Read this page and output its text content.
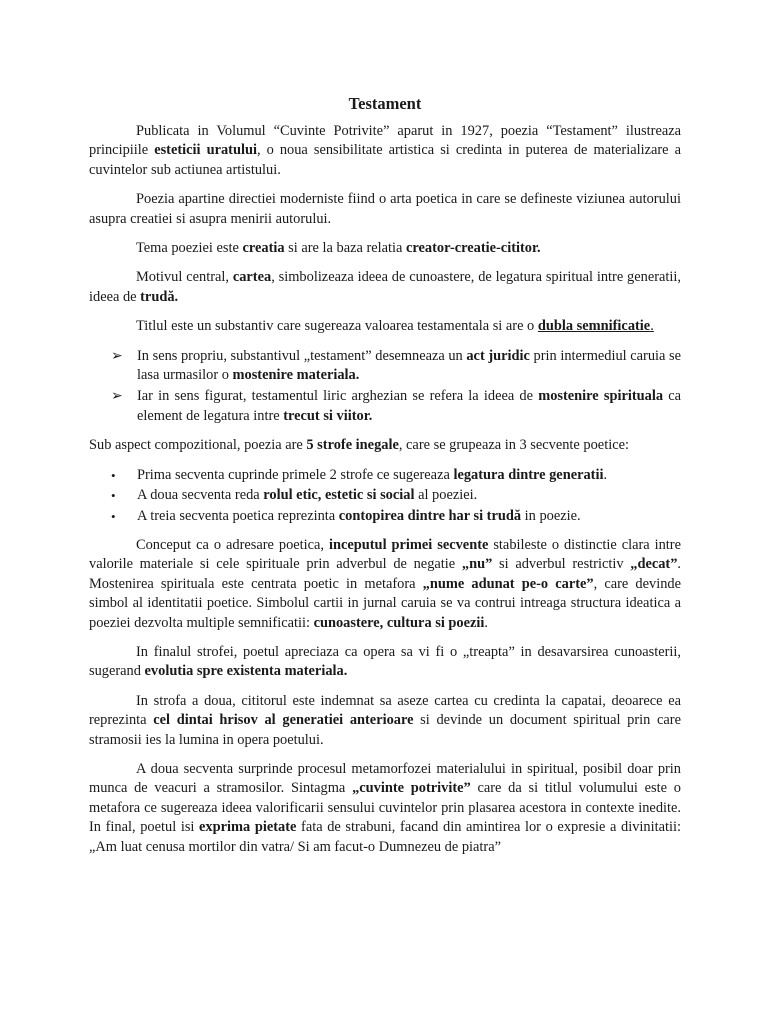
Testament

Publicata in Volumul “Cuvinte Potrivite” aparut in 1927, poezia “Testament” ilustreaza principiile esteticii uratului, o noua sensibilitate artistica si credinta in puterea de materializare a cuvintelor sub actiunea artistului.

Poezia apartine directiei moderniste fiind o arta poetica in care se defineste viziunea autorului asupra creatiei si asupra menirii autorului.

Tema poeziei este creatia si are la baza relatia creator-creatie-cititor.

Motivul central, cartea, simbolizeaza ideea de cunoastere, de legatura spiritual intre generatii, ideea de trudă.

Titlul este un substantiv care sugereaza valoarea testamentala si are o dubla semnificatie.

➢ In sens propriu, substantivul „testament” desemneaza un act juridic prin intermediul caruia se lasa urmasilor o mostenire materiala.
➢ Iar in sens figurat, testamentul liric arghezian se refera la ideea de mostenire spirituala ca element de legatura intre trecut si viitor.

Sub aspect compozitional, poezia are 5 strofe inegale, care se grupeaza in 3 secvente poetice:

• Prima secventa cuprinde primele 2 strofe ce sugereaza legatura dintre generatii.
• A doua secventa reda rolul etic, estetic si social al poeziei.
• A treia secventa poetica reprezinta contopirea dintre har si trudă in poezie.

Conceput ca o adresare poetica, inceputul primei secvente stabileste o distinctie clara intre valorile materiale si cele spirituale prin adverbul de negatie „nu” si adverbul restrictiv „decat”. Mostenirea spirituala este centrata poetic in metafora „nume adunat pe-o carte”, care devinde simbol al identitatii poetice. Simbolul cartii in jurnal caruia se va contrui intreaga structura ideatica a poeziei dezvolta multiple semnificatii: cunoastere, cultura si poezii.

In finalul strofei, poetul apreciaza ca opera sa vi fi o „treapta” in desavarsirea cunoasterii, sugerand evolutia spre existenta materiala.

In strofa a doua, cititorul este indemnat sa aseze cartea cu credinta la capatai, deoarece ea reprezinta cel dintai hrisov al generatiei anterioare si devinde un document spiritual prin care stramosii ies la lumina in opera poetului.

A doua secventa surprinde procesul metamorfozei materialului in spiritual, posibil doar prin munca de veacuri a stramosilor. Sintagma „cuvinte potrivite” care da si titlul volumului este o metafora ce sugereaza ideea valorificarii sensului cuvintelor prin plasarea acestora in contexte inedite. In final, poetul isi exprima pietate fata de strabuni, facand din amintirea lor o expresie a divinitatii: „Am luat cenusa mortilor din vatra/ Si am facut-o Dumnezeu de piatra”
